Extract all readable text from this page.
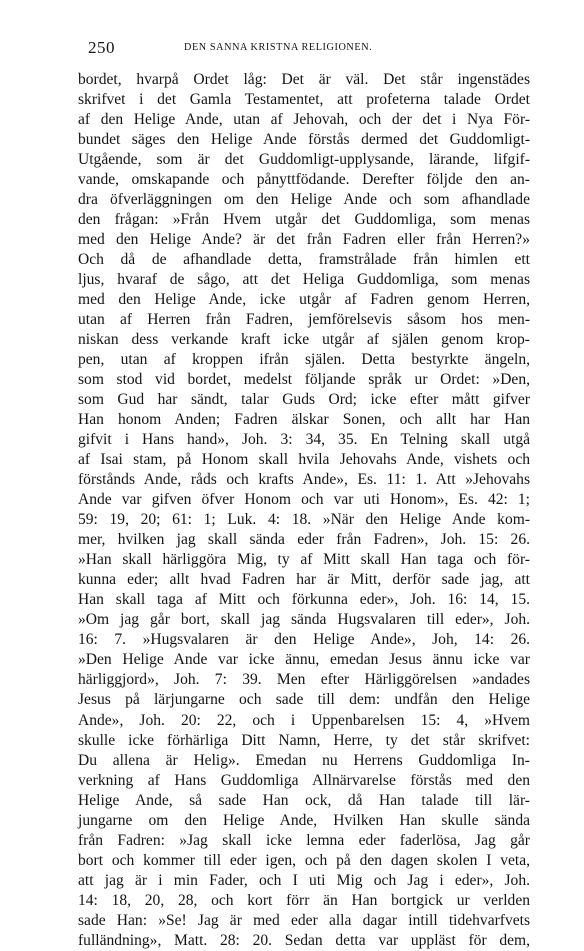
250	DEN SANNA KRISTNA RELIGIONEN.
bordet, hvarpå Ordet låg: Det är väl. Det står ingenstädes
skrifvet i det Gamla Testamentet, att profeterna talade Ordet
af den Helige Ande, utan af Jehovah, och der det i Nya För-
bundet säges den Helige Ande förstås dermed det Guddomligt-
Utgående, som är det Guddomligt-upplysande, lärande, lifgif-
vande, omskapande och pånyttfödande. Derefter följde den an-
dra öfverläggningen om den Helige Ande och som afhandlade
den frågan: »Från Hvem utgår det Guddomliga, som menas
med den Helige Ande? är det från Fadren eller från Herren?»
Och då de afhandlade detta, framstrålade från himlen ett
ljus, hvaraf de sågo, att det Heliga Guddomliga, som menas
med den Helige Ande, icke utgår af Fadren genom Herren,
utan af Herren från Fadren, jemförelsevis såsom hos men-
niskan dess verkande kraft icke utgår af själen genom krop-
pen, utan af kroppen ifrån själen. Detta bestyrkte ängeln,
som stod vid bordet, medelst följande språk ur Ordet: »Den,
som Gud har sändt, talar Guds Ord; icke efter mått gifver
Han honom Anden; Fadren älskar Sonen, och allt har Han
gifvit i Hans hand», Joh. 3: 34, 35. En Telning skall utgå
af Isai stam, på Honom skall hvila Jehovahs Ande, vishets och
förstånds Ande, råds och krafts Ande», Es. 11: 1. Att »Jehovahs
Ande var gifven öfver Honom och var uti Honom», Es. 42: 1;
59: 19, 20; 61: 1; Luk. 4: 18. »När den Helige Ande kom-
mer, hvilken jag skall sända eder från Fadren», Joh. 15: 26.
»Han skall härliggöra Mig, ty af Mitt skall Han taga och för-
kunna eder; allt hvad Fadren har är Mitt, derför sade jag, att
Han skall taga af Mitt och förkunna eder», Joh. 16: 14, 15.
»Om jag går bort, skall jag sända Hugsvalaren till eder», Joh.
16: 7. »Hugsvalaren är den Helige Ande», Joh, 14: 26.
»Den Helige Ande var icke ännu, emedan Jesus ännu icke var
härliggjord», Joh. 7: 39. Men efter Härliggörelsen »andades
Jesus på lärjungarne och sade till dem: undfån den Helige
Ande», Joh. 20: 22, och i Uppenbarelsen 15: 4, »Hvem
skulle icke förhärliga Ditt Namn, Herre, ty det står skrifvet:
Du allena är Helig». Emedan nu Herrens Guddomliga In-
verkning af Hans Guddomliga Allnärvarelse förstås med den
Helige Ande, så sade Han ock, då Han talade till lär-
jungarne om den Helige Ande, Hvilken Han skulle sända
från Fadren: »Jag skall icke lemna eder faderlösa, Jag går
bort och kommer till eder igen, och på den dagen skolen I veta,
att jag är i min Fader, och I uti Mig och Jag i eder», Joh.
14: 18, 20, 28, och kort förr än Han bortgick ur verlden
sade Han: »Se! Jag är med eder alla dagar intill tidehvarfvets
fulländning», Matt. 28: 20. Sedan detta var uppläst för dem,
